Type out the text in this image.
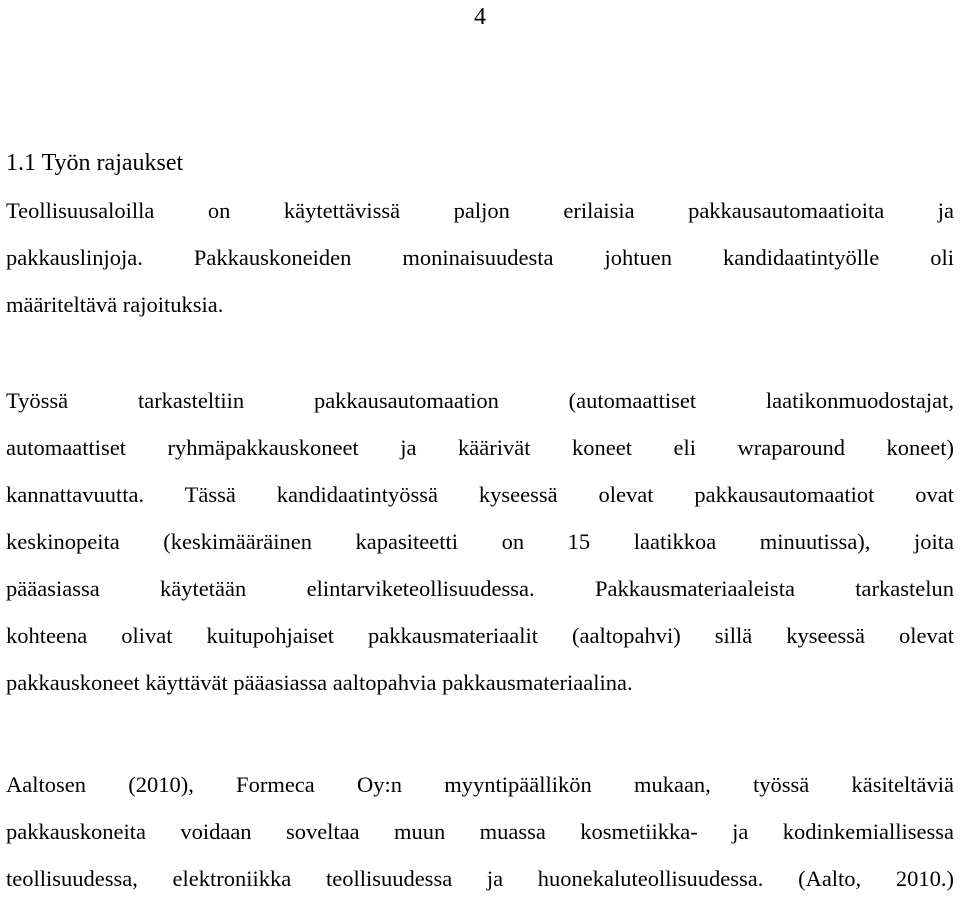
4
1.1 Työn rajaukset
Teollisuusaloilla on käytettävissä paljon erilaisia pakkausautomaatioita ja
pakkauslinjoja. Pakkauskoneiden moninaisuudesta johtuen kandidaatintyölle oli
määriteltävä rajoituksia.
Työssä tarkasteltiin pakkausautomaation (automaattiset laatikonmuodostajat,
automaattiset ryhmäpakkauskoneet ja käärivät koneet eli wraparound koneet)
kannattavuutta. Tässä kandidaatintyössä kyseessä olevat pakkausautomaatiot ovat
keskinopeita (keskimääräinen kapasiteetti on 15 laatikkoa minuutissa), joita
pääasiassa käytetään elintarviketeollisuudessa. Pakkausmateriaaleista tarkastelun
kohteena olivat kuitupohjaiset pakkausmateriaalit (aaltopahvi) sillä kyseessä olevat
pakkauskoneet käyttävät pääasiassa aaltopahvia pakkausmateriaalina.
Aaltosen (2010), Formeca Oy:n myyntipäällikön mukaan, työssä käsiteltäviä
pakkauskoneita voidaan soveltaa muun muassa kosmetiikka- ja kodinkemiallisessa
teollisuudessa, elektroniikka teollisuudessa ja huonekaluteollisuudessa. (Aalto, 2010.)
